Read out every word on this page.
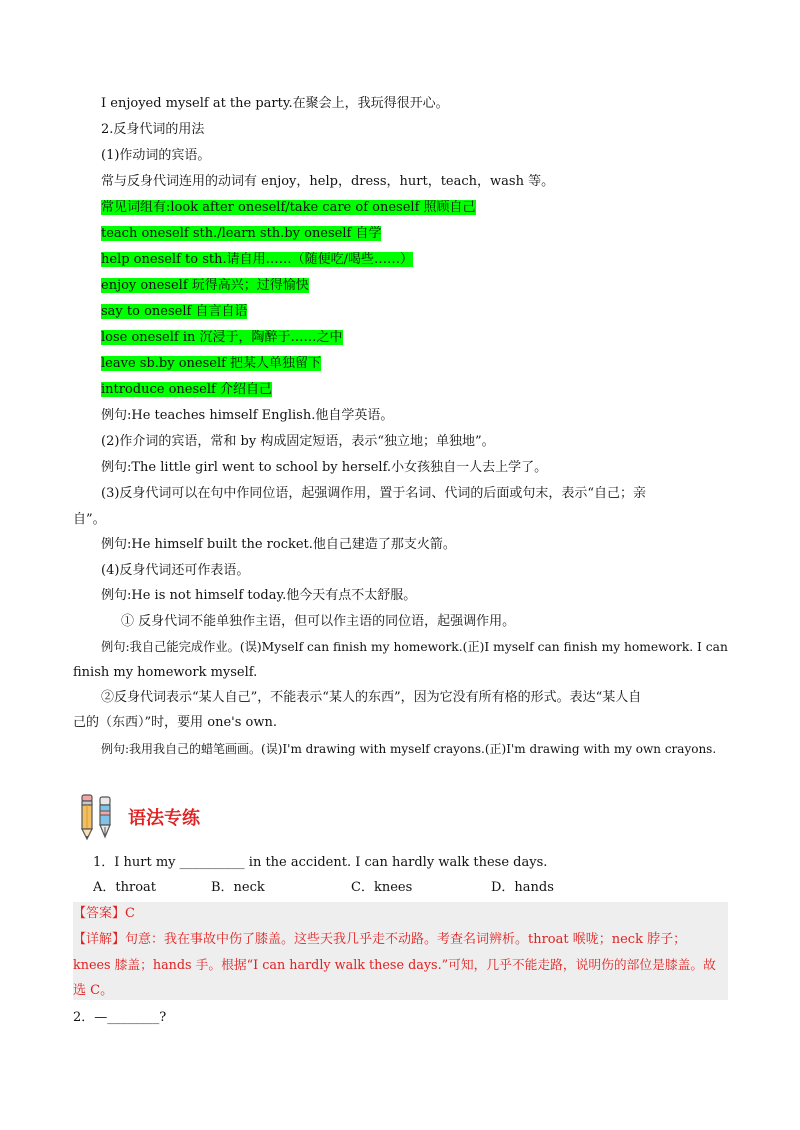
I enjoyed myself at the party.在聚会上，我玩得很开心。
2.反身代词的用法
(1)作动词的宾语。
常与反身代词连用的动词有 enjoy，help，dress，hurt，teach，wash 等。
常见词组有:look after oneself/take care of oneself 照顾自己
teach oneself sth./learn sth.by oneself 自学
help oneself to sth.请自用……（随便吃/喝些……）
enjoy oneself 玩得高兴；过得愉快
say to oneself 自言自语
lose oneself in 沉浸于，陶醉于……之中
leave sb.by oneself 把某人单独留下
introduce oneself 介绍自己
例句:He teaches himself English.他自学英语。
(2)作介词的宾语，常和 by 构成固定短语，表示“独立地；单独地”。
例句:The little girl went to school by herself.小女孩独自一人去上学了。
(3)反身代词可以在句中作同位语，起强调作用，置于名词、代词的后面或句末，表示“自己；亲
自”。
例句:He himself built the rocket.他自己建造了那支火箭。
(4)反身代词还可作表语。
例句:He is not himself today.他今天有点不太舒服。
① 反身代词不能单独作主语，但可以作主语的同位语，起强调作用。
例句:我自己能完成作业。(误)Myself can finish my homework.(正)I myself can finish my homework. I can
finish my homework myself.
②反身代词表示“某人自己”，不能表示“某人的东西”，因为它没有所有格的形式。表达“某人自
己的（东西）”时，要用 one's own.
例句:我用我自己的蜡笔画画。(误)I'm drawing with myself crayons.(正)I'm drawing with my own crayons.
语法专练
1．I hurt my __________ in the accident. I can hardly walk these days.
A．throat	B．neck	C．knees	D．hands
【答案】C
【详解】句意：我在事故中伤了膝盖。这些天我几乎走不动路。考查名词辨析。throat 喉咙；neck 脖子；
knees 膝盖；hands 手。根据“I can hardly walk these days.”可知，几乎不能走路，说明伤的部位是膝盖。故
选 C。
2．—________?
